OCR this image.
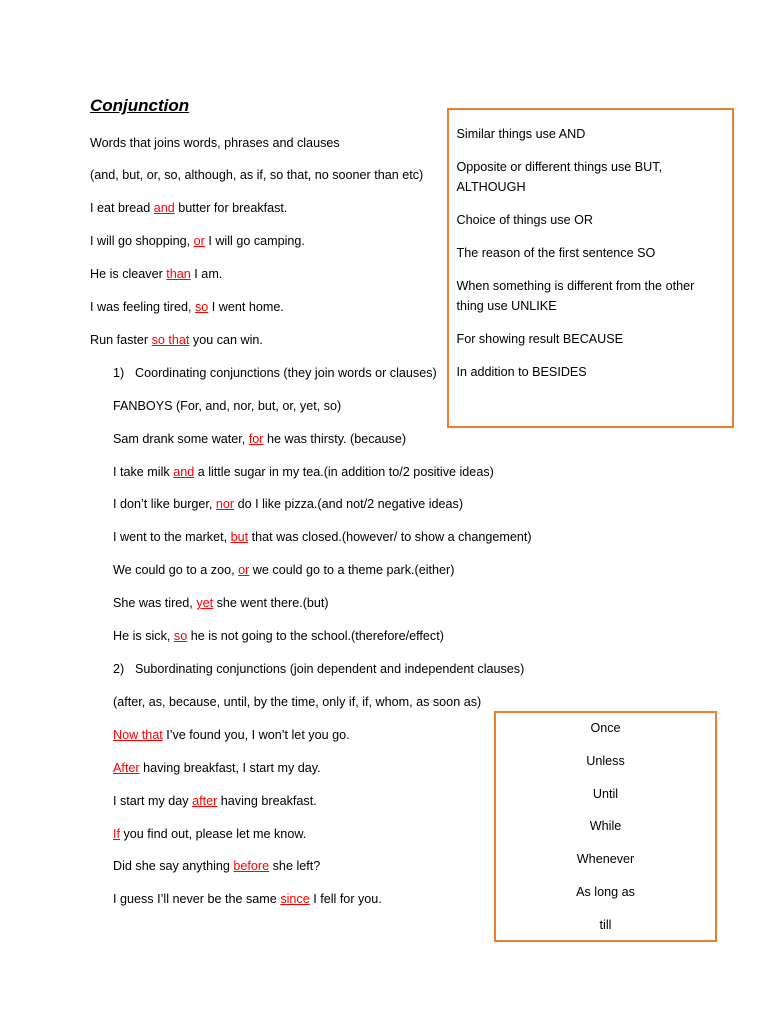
Conjunction
Words that joins words, phrases and clauses
(and, but, or, so, although, as if, so that, no sooner than etc)
I eat bread and butter for breakfast.
I will go shopping, or I will go camping.
He is cleaver than I am.
I was feeling tired, so I went home.
Run faster so that you can win.
1) Coordinating conjunctions (they join words or clauses)
FANBOYS (For, and, nor, but, or, yet, so)
Sam drank some water, for he was thirsty. (because)
I take milk and a little sugar in my tea.(in addition to/2 positive ideas)
I don’t like burger, nor do I like pizza.(and not/2 negative ideas)
I went to the market, but that was closed.(however/ to show a changement)
We could go to a zoo, or we could go to a theme park.(either)
She was tired, yet she went there.(but)
He is sick, so he is not going to the school.(therefore/effect)
2) Subordinating conjunctions (join dependent and independent clauses)
(after, as, because, until, by the time, only if, if, whom, as soon as)
Now that I’ve found you, I won’t let you go.
After having breakfast, I start my day.
I start my day after having breakfast.
If you find out, please let me know.
Did she say anything before she left?
I guess I’ll never be the same since I fell for you.
Similar things use AND
Opposite or different things use BUT, ALTHOUGH
Choice of things use OR
The reason of the first sentence SO
When something is different from the other thing use UNLIKE
For showing result BECAUSE
In addition to BESIDES
Once
Unless
Until
While
Whenever
As long as
till
